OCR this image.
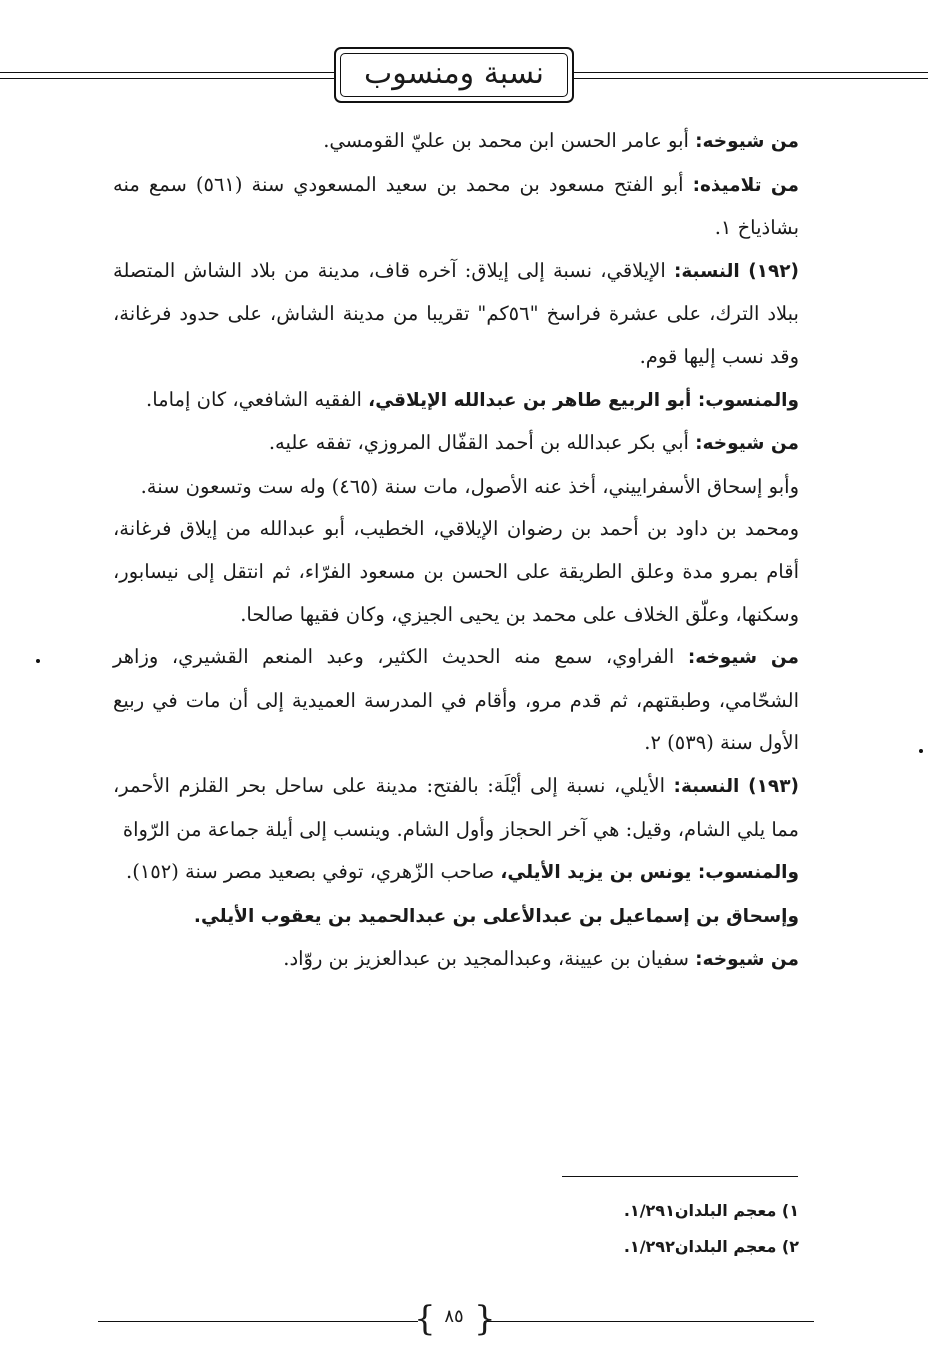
نسبة ومنسوب

من شيوخه: أبو عامر الحسن ابن محمد بن عليّ القومسي.

من تلاميذه: أبو الفتح مسعود بن محمد بن سعيد المسعودي سنة (٥٦١) سمع منه بشاذياخ ١.

(١٩٢) النسبة: الإيلاقي، نسبة إلى إيلاق: آخره قاف، مدينة من بلاد الشاش المتصلة ببلاد الترك، على عشرة فراسخ "٥٦كم" تقريبا من مدينة الشاش، على حدود فرغانة، وقد نسب إليها قوم.

والمنسوب: أبو الربيع طاهر بن عبدالله الإيلاقي، الفقيه الشافعي، كان إماما.

من شيوخه: أبي بكر عبدالله بن أحمد القفّال المروزي، تفقه عليه.

وأبو إسحاق الأسفراييني، أخذ عنه الأصول، مات سنة (٤٦٥) وله ست وتسعون سنة.

ومحمد بن داود بن أحمد بن رضوان الإيلاقي، الخطيب، أبو عبدالله من إيلاق فرغانة، أقام بمرو مدة وعلق الطريقة على الحسن بن مسعود الفرّاء، ثم انتقل إلى نيسابور، وسكنها، وعلّق الخلاف على محمد بن يحيى الجيزي، وكان فقيها صالحا.

من شيوخه: الفراوي، سمع منه الحديث الكثير، وعبد المنعم القشيري، وزاهر الشحّامي، وطبقتهم، ثم قدم مرو، وأقام في المدرسة العميدية إلى أن مات في ربيع الأول سنة (٥٣٩) ٢.

(١٩٣) النسبة: الأيلي، نسبة إلى أيْلَة: بالفتح: مدينة على ساحل بحر القلزم الأحمر، مما يلي الشام، وقيل: هي آخر الحجاز وأول الشام. وينسب إلى أيلة جماعة من الرّواة

والمنسوب: يونس بن يزيد الأيلي، صاحب الزّهري، توفي بصعيد مصر سنة (١٥٢).

وإسحاق بن إسماعيل بن عبدالأعلى بن عبدالحميد بن يعقوب الأيلي.

من شيوخه: سفيان بن عيينة، وعبدالمجيد بن عبدالعزيز بن روّاد.

١) معجم البلدان١/٢٩١.

٢) معجم البلدان١/٢٩٢.

{ }
٨٥
